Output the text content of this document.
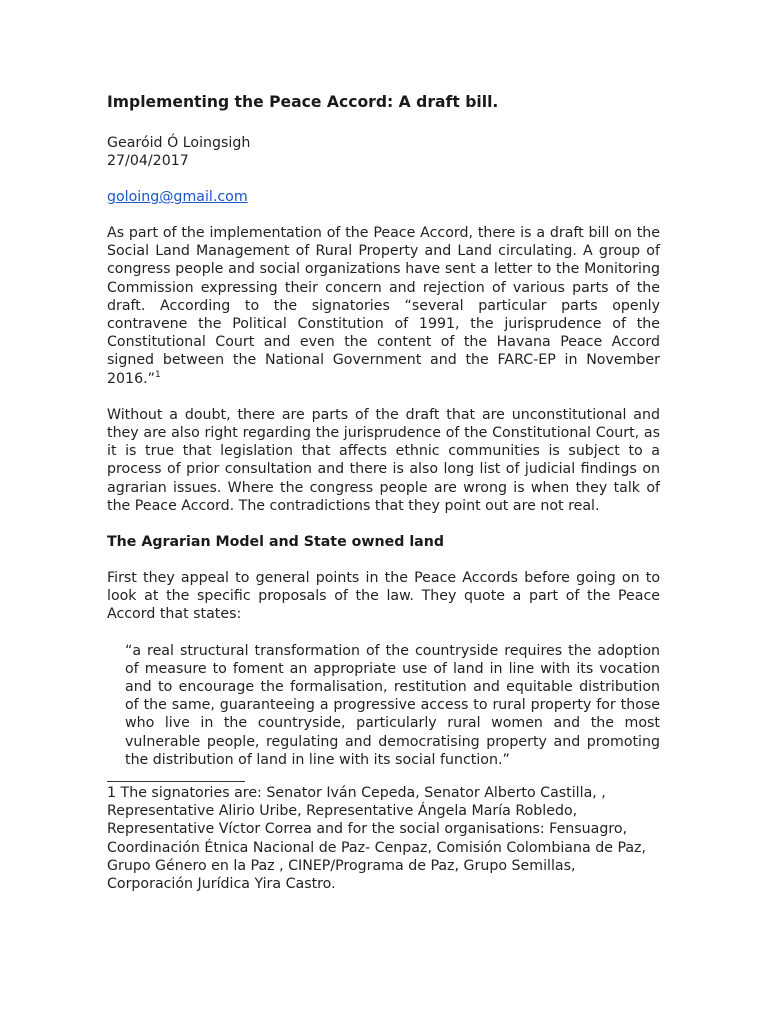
Implementing the Peace Accord: A draft bill.
Gearóid Ó Loingsigh
27/04/2017
goloing@gmail.com

As part of the implementation of the Peace Accord, there is a draft bill on the Social Land Management of Rural Property and Land circulating. A group of congress people and social organizations have sent a letter to the Monitoring Commission expressing their concern and rejection of various parts of the draft. According to the signatories “several particular parts openly contravene the Political Constitution of 1991, the jurisprudence of the Constitutional Court and even the content of the Havana Peace Accord signed between the National Government and the FARC-EP in November 2016.”$^1$

Without a doubt, there are parts of the draft that are unconstitutional and they are also right regarding the jurisprudence of the Constitutional Court, as it is true that legislation that affects ethnic communities is subject to a process of prior consultation and there is also long list of judicial findings on agrarian issues. Where the congress people are wrong is when they talk of the Peace Accord. The contradictions that they point out are not real.

The Agrarian Model and State owned land

First they appeal to general points in the Peace Accords before going on to look at the specific proposals of the law. They quote a part of the Peace Accord that states:

“a real structural transformation of the countryside requires the adoption of measure to foment an appropriate use of land in line with its vocation and to encourage the formalisation, restitution and equitable distribution of the same, guaranteeing a progressive access to rural property for those who live in the countryside, particularly rural women and the most vulnerable people, regulating and democratising property and promoting the distribution of land in line with its social function.”
1 The signatories are: Senator Iván Cepeda, Senator Alberto Castilla, , Representative Alirio Uribe, Representative Ángela María Robledo, Representative Víctor Correa and for the social organisations: Fensuagro, Coordinación Étnica Nacional de Paz- Cenpaz, Comisión Colombiana de Paz, Grupo Género en la Paz , CINEP/Programa de Paz, Grupo Semillas, Corporación Jurídica Yira Castro.
